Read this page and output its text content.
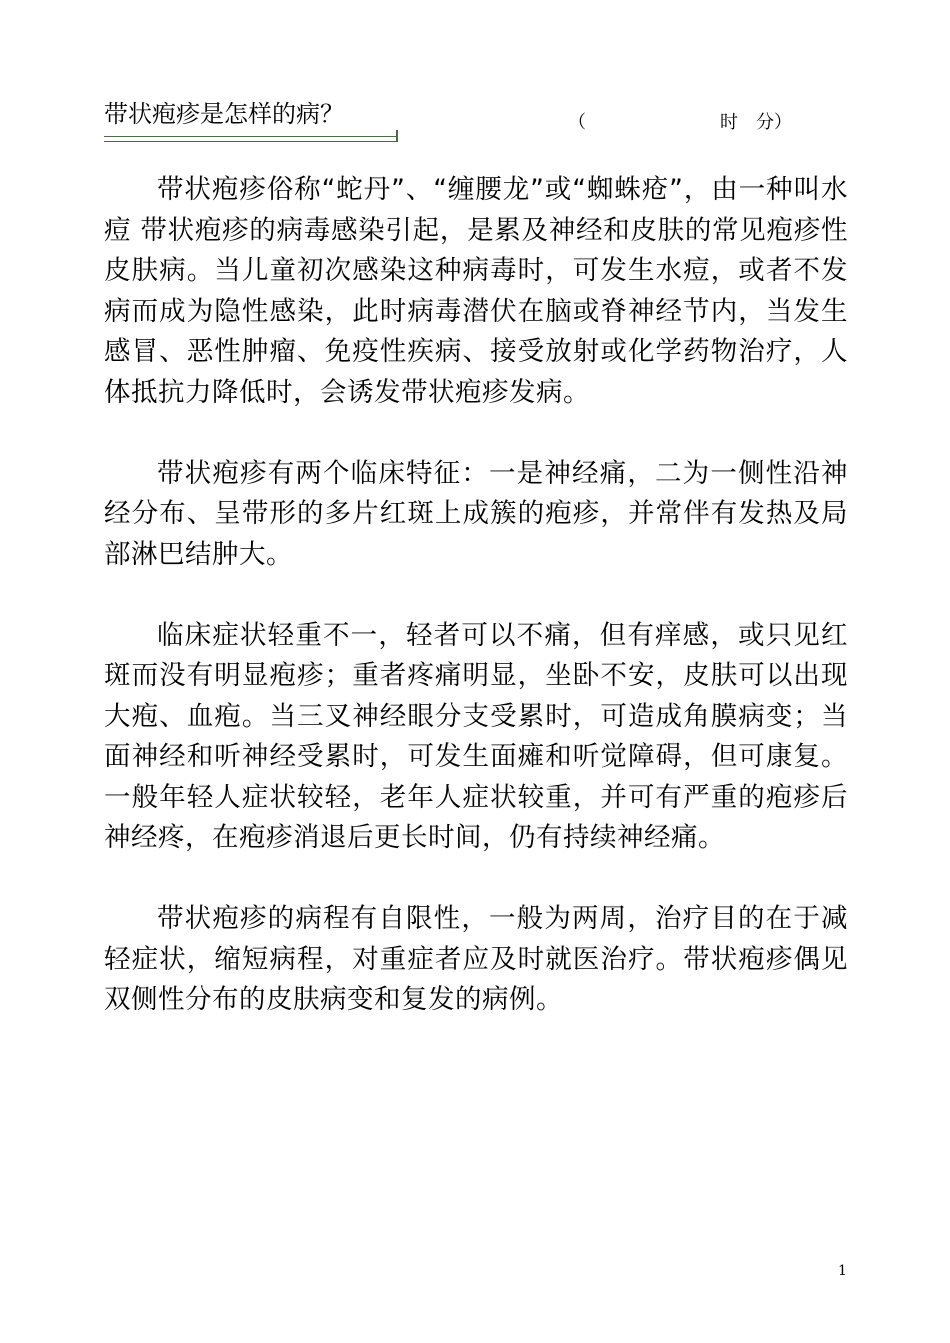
带状疱疹是怎样的病？	（	时　分）

带状疱疹俗称“蛇丹”、“缠腰龙”或“蜘蛛疮”，由一种叫水痘 带状疱疹的病毒感染引起，是累及神经和皮肤的常见疱疹性皮肤病。当儿童初次感染这种病毒时，可发生水痘，或者不发病而成为隐性感染，此时病毒潜伏在脑或脊神经节内，当发生感冒、恶性肿瘤、免疫性疾病、接受放射或化学药物治疗，人体抵抗力降低时，会诱发带状疱疹发病。

带状疱疹有两个临床特征：一是神经痛，二为一侧性沿神经分布、呈带形的多片红斑上成簇的疱疹，并常伴有发热及局部淋巴结肿大。

临床症状轻重不一，轻者可以不痛，但有痒感，或只见红斑而没有明显疱疹；重者疼痛明显，坐卧不安，皮肤可以出现大疱、血疱。当三叉神经眼分支受累时，可造成角膜病变；当面神经和听神经受累时，可发生面瘫和听觉障碍，但可康复。一般年轻人症状较轻，老年人症状较重，并可有严重的疱疹后神经疼，在疱疹消退后更长时间，仍有持续神经痛。

带状疱疹的病程有自限性，一般为两周，治疗目的在于减轻症状，缩短病程，对重症者应及时就医治疗。带状疱疹偶见双侧性分布的皮肤病变和复发的病例。

1
